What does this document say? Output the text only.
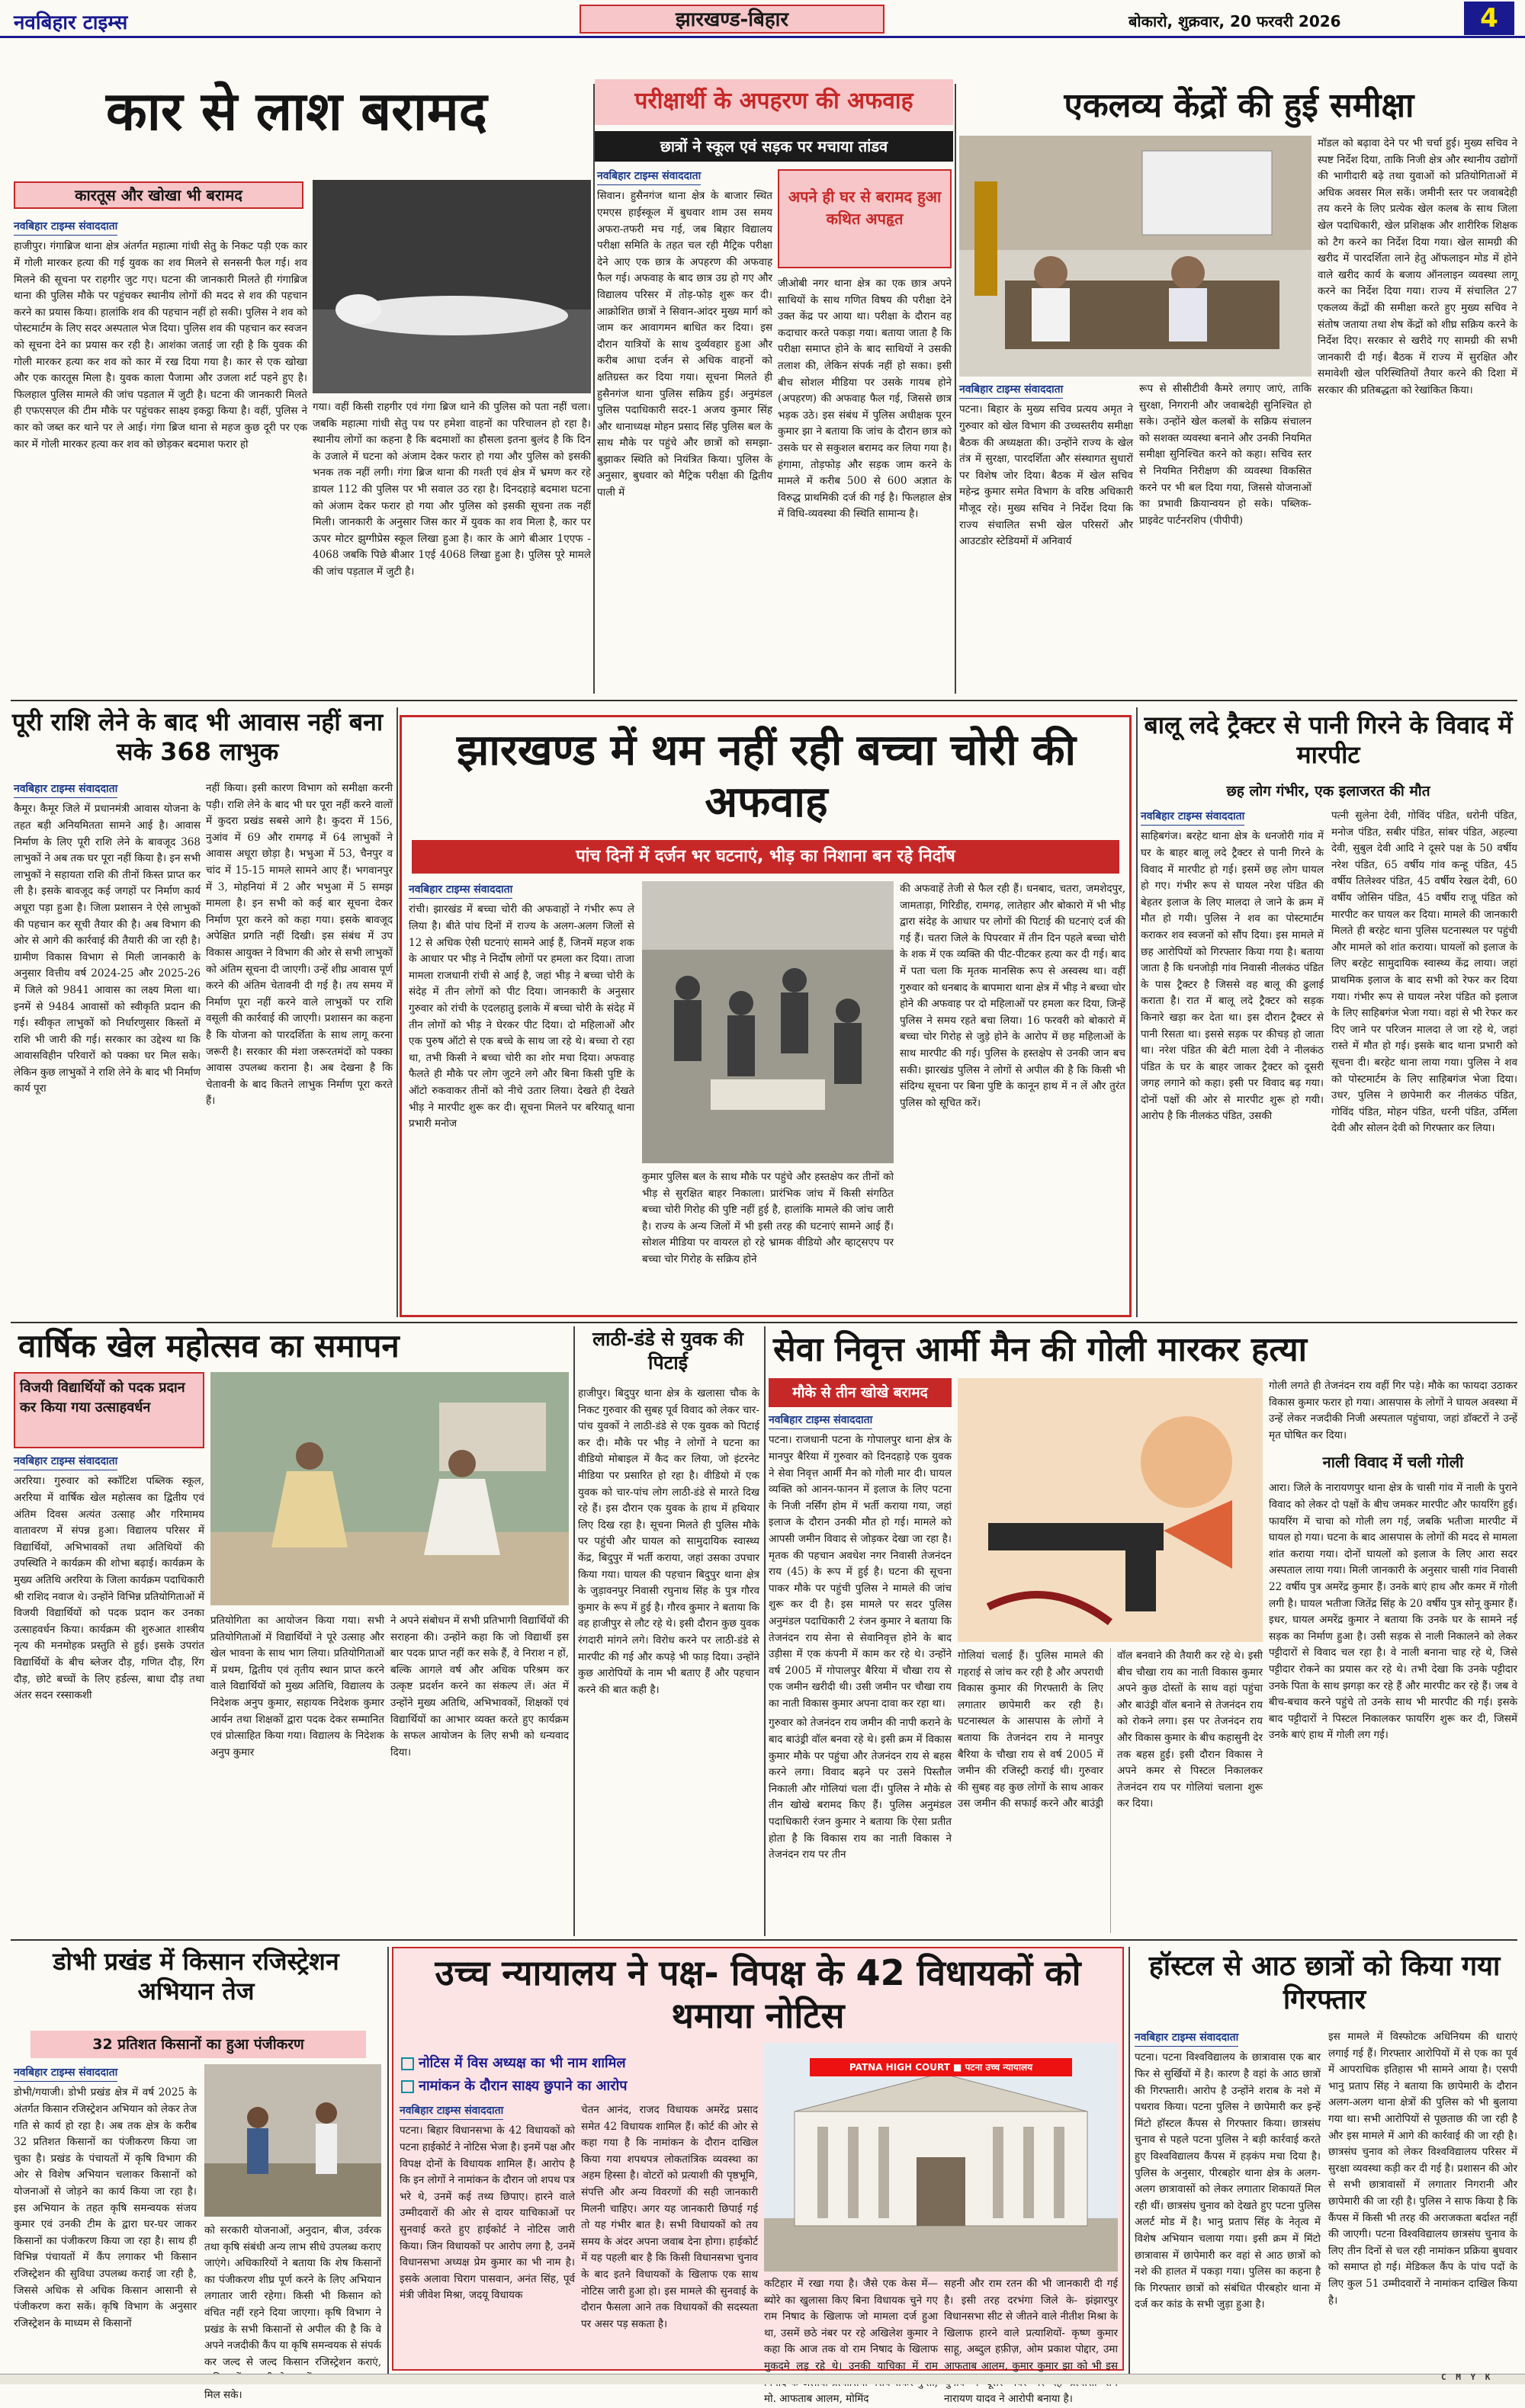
नवबिहार टाइम्स	झारखण्ड-बिहार	बोकारो, शुक्रवार, 20 फरवरी 2026	4
कार से लाश बरामद
कारतूस और खोखा भी बरामद
नवबिहार टाइम्स संवाददाता

हाजीपुर। गंगाब्रिज थाना क्षेत्र अंतर्गत महात्मा गांधी सेतु के निकट पड़ी एक कार में गोली मारकर हत्या की गई युवक का शव मिलने से सनसनी फैल गई। शव मिलने की सूचना पर राहगीर जुट गए। घटना की जानकारी मिलते ही गंगाब्रिज थाना की पुलिस मौके पर पहुंचकर स्थानीय लोगों की मदद से शव की पहचान करने का प्रयास किया। हालांकि शव की पहचान नहीं हो सकी। पुलिस ने शव को पोस्टमार्टम के लिए सदर अस्पताल भेज दिया। पुलिस शव की पहचान कर स्वजन को सूचना देने का प्रयास कर रही है। आशंका जताई जा रही है कि युवक की गोली मारकर हत्या कर शव को कार में रख दिया गया है। कार से एक खोखा और एक कारतूस मिला है। युवक काला पैजामा और उजला शर्ट पहने हुए है। फिलहाल पुलिस मामले की जांच पड़ताल में जुटी है। घटना की जानकारी मिलते ही एफएसएल की टीम मौके पर पहुंचकर साक्ष्य इकट्ठा किया है। वहीं, पुलिस ने कार को जब्त कर थाने पर ले आई। गंगा ब्रिज थाना से महज कुछ दूरी पर एक कार में गोली मारकर हत्या कर शव को छोड़कर बदमाश फरार हो

गया। वहीं किसी राहगीर एवं गंगा ब्रिज थाने की पुलिस को पता नहीं चला। जबकि महात्मा गांधी सेतु पथ पर हमेशा वाहनों का परिचालन हो रहा है। स्थानीय लोगों का कहना है कि बदमाशों का हौसला इतना बुलंद है कि दिन के उजाले में घटना को अंजाम देकर फरार हो गया और पुलिस को इसकी भनक तक नहीं लगी। गंगा ब्रिज थाना की गश्ती एवं क्षेत्र में भ्रमण कर रहे डायल 112 की पुलिस पर भी सवाल उठ रहा है। दिनदहाड़े बदमाश घटना को अंजाम देकर फरार हो गया और पुलिस को इसकी सूचना तक नहीं मिली। जानकारी के अनुसार जिस कार में युवक का शव मिला है, कार पर ऊपर मोटर झुग्गीप्रेस स्कूल लिखा हुआ है। कार के आगे बीआर 1एएफ - 4068 जबकि पिछे बीआर 1एई 4068 लिखा हुआ है। पुलिस पूरे मामले की जांच पड़ताल में जुटी है।

परीक्षार्थी के अपहरण की अफवाह
छात्रों ने स्कूल एवं सड़क पर मचाया तांडव
नवबिहार टाइम्स संवाददाता

सिवान। हुसैनगंज थाना क्षेत्र के बाजार स्थित एमएस हाईस्कूल में बुधवार शाम उस समय अफरा-तफरी मच गई, जब बिहार विद्यालय परीक्षा समिति के तहत चल रही मैट्रिक परीक्षा देने आए एक छात्र के अपहरण की अफवाह फैल गई। अफवाह के बाद छात्र उग्र हो गए और विद्यालय परिसर में तोड़-फोड़ शुरू कर दी। आक्रोशित छात्रों ने सिवान-आंदर मुख्य मार्ग को जाम कर आवागमन बाधित कर दिया। इस दौरान यात्रियों के साथ दुर्व्यवहार हुआ और करीब आधा दर्जन से अधिक वाहनों को क्षतिग्रस्त कर दिया गया। सूचना मिलते ही हुसैनगंज थाना पुलिस सक्रिय हुई। अनुमंडल पुलिस पदाधिकारी सदर-1 अजय कुमार सिंह और थानाध्यक्ष मोहन प्रसाद सिंह पुलिस बल के साथ मौके पर पहुंचे और छात्रों को समझा-बुझाकर स्थिति को नियंत्रित किया। पुलिस के अनुसार, बुधवार को मैट्रिक परीक्षा की द्वितीय पाली में

अपने ही घर से बरामद हुआ कथित अपहृत

जीओबी नगर थाना क्षेत्र का एक छात्र अपने साथियों के साथ गणित विषय की परीक्षा देने उक्त केंद्र पर आया था। परीक्षा के दौरान वह कदाचार करते पकड़ा गया। बताया जाता है कि परीक्षा समाप्त होने के बाद साथियों ने उसकी तलाश की, लेकिन संपर्क नहीं हो सका। इसी बीच सोशल मीडिया पर उसके गायब होने (अपहरण) की अफवाह फैल गई, जिससे छात्र भड़क उठे। इस संबंध में पुलिस अधीक्षक पूरन कुमार झा ने बताया कि जांच के दौरान छात्र को उसके घर से सकुशल बरामद कर लिया गया है। हंगामा, तोड़फोड़ और सड़क जाम करने के मामले में करीब 500 से 600 अज्ञात के विरुद्ध प्राथमिकी दर्ज की गई है। फिलहाल क्षेत्र में विधि-व्यवस्था की स्थिति सामान्य है।

एकलव्य केंद्रों की हुई समीक्षा
नवबिहार टाइम्स संवाददाता

पटना। बिहार के मुख्य सचिव प्रत्यय अमृत ने गुरुवार को खेल विभाग की उच्चस्तरीय समीक्षा बैठक की अध्यक्षता की। उन्होंने राज्य के खेल तंत्र में सुरक्षा, पारदर्शिता और संस्थागत सुधारों पर विशेष जोर दिया। बैठक में खेल सचिव महेन्द्र कुमार समेत विभाग के वरिष्ठ अधिकारी मौजूद रहे। मुख्य सचिव ने निर्देश दिया कि राज्य संचालित सभी खेल परिसरों और आउटडोर स्टेडियमों में अनिवार्य

रूप से सीसीटीवी कैमरे लगाए जाएं, ताकि सुरक्षा, निगरानी और जवाबदेही सुनिश्चित हो सके। उन्होंने खेल कलबों के सक्रिय संचालन को सशक्त व्यवस्था बनाने और उनकी नियमित समीक्षा सुनिश्चित करने को कहा। सचिव स्तर से नियमित निरीक्षण की व्यवस्था विकसित करने पर भी बल दिया गया, जिससे योजनाओं का प्रभावी क्रियान्वयन हो सके। पब्लिक-प्राइवेट पार्टनरशिप (पीपीपी)

मॉडल को बढ़ावा देने पर भी चर्चा हुई। मुख्य सचिव ने स्पष्ट निर्देश दिया, ताकि निजी क्षेत्र और स्थानीय उद्योगों की भागीदारी बढ़े तथा युवाओं को प्रतियोगिताओं में अधिक अवसर मिल सकें। जमीनी स्तर पर जवाबदेही तय करने के लिए प्रत्येक खेल कलब के साथ जिला खेल पदाधिकारी, खेल प्रशिक्षक और शारीरिक शिक्षक को टैग करने का निर्देश दिया गया। खेल सामग्री की खरीद में पारदर्शिता लाने हेतु ऑफलाइन मोड में होने वाले खरीद कार्य के बजाय ऑनलाइन व्यवस्था लागू करने का निर्देश दिया गया। राज्य में संचालित 27 एकलव्य केंद्रों की समीक्षा करते हुए मुख्य सचिव ने संतोष जताया तथा शेष केंद्रों को शीघ्र सक्रिय करने के निर्देश दिए। सरकार से खरीदे गए सामग्री की सभी जानकारी दी गई। बैठक में राज्य में सुरक्षित और समावेशी खेल परिस्थितियों तैयार करने की दिशा में सरकार की प्रतिबद्धता को रेखांकित किया।

पूरी राशि लेने के बाद भी आवास नहीं बना सके 368 लाभुक
नवबिहार टाइम्स संवाददाता

कैमूर। कैमूर जिले में प्रधानमंत्री आवास योजना के तहत बड़ी अनियमितता सामने आई है। आवास निर्माण के लिए पूरी राशि लेने के बावजूद 368 लाभुकों ने अब तक घर पूरा नहीं किया है। इन सभी लाभुकों ने सहायता राशि की तीनों किस्त प्राप्त कर ली है। इसके बावजूद कई जगहों पर निर्माण कार्य अधूरा पड़ा हुआ है। जिला प्रशासन ने ऐसे लाभुकों की पहचान कर सूची तैयार की है। अब विभाग की ओर से आगे की कार्रवाई की तैयारी की जा रही है। ग्रामीण विकास विभाग से मिली जानकारी के अनुसार वित्तीय वर्ष 2024-25 और 2025-26 में जिले को 9841 आवास का लक्ष्य मिला था। इनमें से 9484 आवासों को स्वीकृति प्रदान की गई। स्वीकृत लाभुकों को निर्धारणुसार किस्तों में राशि भी जारी की गई। सरकार का उद्देश्य था कि आवासविहीन परिवारों को पक्का घर मिल सके। लेकिन कुछ लाभुकों ने राशि लेने के बाद भी निर्माण कार्य पूरा

नहीं किया। इसी कारण विभाग को समीक्षा करनी पड़ी। राशि लेने के बाद भी घर पूरा नहीं करने वालों में कुदरा प्रखंड सबसे आगे है। कुदरा में 156, नुआंव में 69 और रामगढ़ में 64 लाभुकों ने आवास अधूरा छोड़ा है। भभुआ में 53, चैनपुर व चांद में 15-15 मामले सामने आए हैं। भगवानपुर में 3, मोहनियां में 2 और भभुआ में 5 समझ मामला है। इन सभी को कई बार सूचना देकर निर्माण पूरा करने को कहा गया। इसके बावजूद अपेक्षित प्रगति नहीं दिखी। इस संबंध में उप विकास आयुक्त ने विभाग की ओर से सभी लाभुकों को अंतिम सूचना दी जाएगी। उन्हें शीघ्र आवास पूर्ण करने की अंतिम चेतावनी दी गई है। तय समय में निर्माण पूरा नहीं करने वाले लाभुकों पर राशि वसूली की कार्रवाई की जाएगी। प्रशासन का कहना है कि योजना को पारदर्शिता के साथ लागू करना जरूरी है। सरकार की मंशा जरूरतमंदों को पक्का आवास उपलब्ध कराना है। अब देखना है कि चेतावनी के बाद कितने लाभुक निर्माण पूरा करते हैं।

झारखण्ड में थम नहीं रही बच्चा चोरी की अफवाह
पांच दिनों में दर्जन भर घटनाएं, भीड़ का निशाना बन रहे निर्दोष
नवबिहार टाइम्स संवाददाता

रांची। झारखंड में बच्चा चोरी की अफवाहों ने गंभीर रूप ले लिया है। बीते पांच दिनों में राज्य के अलग-अलग जिलों से 12 से अधिक ऐसी घटनाएं सामने आई हैं, जिनमें महज शक के आधार पर भीड़ ने निर्दोष लोगों पर हमला कर दिया। ताजा मामला राजधानी रांची से आई है, जहां भीड़ ने बच्चा चोरी के संदेह में तीन लोगों को पीट दिया। जानकारी के अनुसार गुरुवार को रांची के एदलहातु इलाके में बच्चा चोरी के संदेह में तीन लोगों को भीड़ ने घेरकर पीट दिया। दो महिलाओं और एक पुरुष ऑटो से एक बच्चे के साथ जा रहे थे। बच्चा रो रहा था, तभी किसी ने बच्चा चोरी का शोर मचा दिया। अफवाह फैलते ही मौके पर लोग जुटने लगे और बिना किसी पुष्टि के ऑटो रुकवाकर तीनों को नीचे उतार लिया। देखते ही देखते भीड़ ने मारपीट शुरू कर दी। सूचना मिलने पर बरियातू थाना प्रभारी मनोज

कुमार पुलिस बल के साथ मौके पर पहुंचे और हस्तक्षेप कर तीनों को भीड़ से सुरक्षित बाहर निकाला। प्रारंभिक जांच में किसी संगठित बच्चा चोरी गिरोह की पुष्टि नहीं हुई है, हालांकि मामले की जांच जारी है। राज्य के अन्य जिलों में भी इसी तरह की घटनाएं सामने आई हैं। सोशल मीडिया पर वायरल हो रहे भ्रामक वीडियो और व्हाट्सएप पर बच्चा चोर गिरोह के सक्रिय होने

की अफवाहें तेजी से फैल रही हैं। धनबाद, चतरा, जमशेदपुर, जामताड़ा, गिरिडीह, रामगढ़, लातेहार और बोकारो में भी भीड़ द्वारा संदेह के आधार पर लोगों की पिटाई की घटनाएं दर्ज की गई हैं। चतरा जिले के पिपरवार में तीन दिन पहले बच्चा चोरी के शक में एक व्यक्ति की पीट-पीटकर हत्या कर दी गई। बाद में पता चला कि मृतक मानसिक रूप से अस्वस्थ था। वहीं गुरुवार को धनबाद के बापमारा थाना क्षेत्र में भीड़ ने बच्चा चोर होने की अफवाह पर दो महिलाओं पर हमला कर दिया, जिन्हें पुलिस ने समय रहते बचा लिया। 16 फरवरी को बोकारो में बच्चा चोर गिरोह से जुड़े होने के आरोप में छह महिलाओं के साथ मारपीट की गई। पुलिस के हस्तक्षेप से उनकी जान बच सकी। झारखंड पुलिस ने लोगों से अपील की है कि किसी भी संदिग्ध सूचना पर बिना पुष्टि के कानून हाथ में न लें और तुरंत पुलिस को सूचित करें।

बालू लदे ट्रैक्टर से पानी गिरने के विवाद में मारपीट
छह लोग गंभीर, एक इलाजरत की मौत
नवबिहार टाइम्स संवाददाता

साहिबगंज। बरहेट थाना क्षेत्र के धनजोरी गांव में घर के बाहर बालू लदे ट्रैक्टर से पानी गिरने के विवाद में मारपीट हो गई। इसमें छह लोग घायल हो गए। गंभीर रूप से घायल नरेश पंडित की बेहतर इलाज के लिए मालदा ले जाने के क्रम में मौत हो गयी। पुलिस ने शव का पोस्टमार्टम कराकर शव स्वजनों को सौंप दिया। इस मामले में छह आरोपियों को गिरफ्तार किया गया है। बताया जाता है कि धनजोड़ी गांव निवासी नीलकंठ पंडित के पास ट्रैक्टर है जिससे वह बालू की ढुलाई कराता है। रात में बालू लदे ट्रैक्टर को सड़क किनारे खड़ा कर देता था। इस दौरान ट्रैक्टर से पानी रिसता था। इससे सड़क पर कीचड़ हो जाता था। नरेश पंडित की बेटी माला देवी ने नीलकंठ पंडित के घर के बाहर जाकर ट्रैक्टर को दूसरी जगह लगाने को कहा। इसी पर विवाद बढ़ गया। दोनों पक्षों की ओर से मारपीट शुरू हो गयी। आरोप है कि नीलकंठ पंडित, उसकी

पत्नी सुलेना देवी, गोविंद पंडित, धरोनी पंडित, मनोज पंडित, सबीर पंडित, सांबर पंडित, अहल्या देवी, सुबुल देवी आदि ने दूसरे पक्ष के 50 वर्षीय नरेश पंडित, 65 वर्षीय गांव कन्हू पंडित, 45 वर्षीय तिलेश्वर पंडित, 45 वर्षीय रेखल देवी, 60 वर्षीय जोसिन पंडित, 45 वर्षीय राजू पंडित को मारपीट कर घायल कर दिया। मामले की जानकारी मिलते ही बरहेट थाना पुलिस घटनास्थल पर पहुंची और मामले को शांत कराया। घायलों को इलाज के लिए बरहेट सामुदायिक स्वास्थ्य केंद्र लाया। जहां प्राथमिक इलाज के बाद सभी को रेफर कर दिया गया। गंभीर रूप से घायल नरेश पंडित को इलाज के लिए साहिबगंज भेजा गया। वहां से भी रेफर कर दिए जाने पर परिजन मालदा ले जा रहे थे, जहां रास्ते में मौत हो गई। इसके बाद थाना प्रभारी को सूचना दी। बरहेट थाना लाया गया। पुलिस ने शव को पोस्टमार्टम के लिए साहिबगंज भेजा दिया। उधर, पुलिस ने छापेमारी कर नीलकंठ पंडित, गोविंद पंडित, मोहन पंडित, धरनी पंडित, उर्मिला देवी और सोलन देवी को गिरफ्तार कर लिया।

वार्षिक खेल महोत्सव का समापन
विजयी विद्यार्थियों को पदक प्रदान कर किया गया उत्साहवर्धन
नवबिहार टाइम्स संवाददाता

अररिया। गुरुवार को स्कॉटिश पब्लिक स्कूल, अररिया में वार्षिक खेल महोत्सव का द्वितीय एवं अंतिम दिवस अत्यंत उत्साह और गरिमामय वातावरण में संपन्न हुआ। विद्यालय परिसर में विद्यार्थियों, अभिभावकों तथा अतिथियों की उपस्थिति ने कार्यक्रम की शोभा बढ़ाई। कार्यक्रम के मुख्य अतिथि अररिया के जिला कार्यक्रम पदाधिकारी श्री राशिद नवाज थे। उन्होंने विभिन्न प्रतियोगिताओं में विजयी विद्यार्थियों को पदक प्रदान कर उनका उत्साहवर्धन किया। कार्यक्रम की शुरुआत शास्त्रीय नृत्य की मनमोहक प्रस्तुति से हुई। इसके उपरांत विद्यार्थियों के बीच ब्लेजर दौड़, गणित दौड़, रिंग दौड़, छोटे बच्चों के लिए हर्डल्स, बाधा दौड़ तथा अंतर सदन रस्साकशी

प्रतियोगिता का आयोजन किया गया। सभी प्रतियोगिताओं में विद्यार्थियों ने पूरे उत्साह और खेल भावना के साथ भाग लिया। प्रतियोगिताओं में प्रथम, द्वितीय एवं तृतीय स्थान प्राप्त करने वाले विद्यार्थियों को मुख्य अतिथि, विद्यालय के निदेशक अनुप कुमार, सहायक निदेशक कुमार आर्यन तथा शिक्षकों द्वारा पदक देकर सम्मानित एवं प्रोत्साहित किया गया। विद्यालय के निदेशक अनुप कुमार

ने अपने संबोधन में सभी प्रतिभागी विद्यार्थियों की सराहना की। उन्होंने कहा कि जो विद्यार्थी इस बार पदक प्राप्त नहीं कर सके हैं, वे निराश न हों, बल्कि आगले वर्ष और अधिक परिश्रम कर उत्कृष्ट प्रदर्शन करने का संकल्प लें। अंत में उन्होंने मुख्य अतिथि, अभिभावकों, शिक्षकों एवं विद्यार्थियों का आभार व्यक्त करते हुए कार्यक्रम के सफल आयोजन के लिए सभी को धन्यवाद दिया।

लाठी-डंडे से युवक की पिटाई

हाजीपुर। बिदुपुर थाना क्षेत्र के खलासा चौक के निकट गुरुवार की सुबह पूर्व विवाद को लेकर चार-पांच युवकों ने लाठी-डंडे से एक युवक को पिटाई कर दी। मौके पर भीड़ ने लोगों ने घटना का वीडियो मोबाइल में कैद कर लिया, जो इंटरनेट मीडिया पर प्रसारित हो रहा है। वीडियो में एक युवक को चार-पांच लोग लाठी-डंडे से मारते दिख रहे हैं। इस दौरान एक युवक के हाथ में हथियार लिए दिख रहा है। सूचना मिलते ही पुलिस मौके पर पहुंची और घायल को सामुदायिक स्वास्थ्य केंद्र, बिदुपुर में भर्ती कराया, जहां उसका उपचार किया गया। घायल की पहचान बिदुपुर थाना क्षेत्र के जुड़ावनपुर निवासी रघुनाथ सिंह के पुत्र गौरव कुमार के रूप में हुई है। गौरव कुमार ने बताया कि वह हाजीपुर से लौट रहे थे। इसी दौरान कुछ युवक रंगदारी मांगने लगे। विरोध करने पर लाठी-डंडे से मारपीट की गई और कपड़े भी फाड़ दिया। उन्होंने कुछ आरोपियों के नाम भी बताए हैं और पहचान करने की बात कही है।

सेवा निवृत्त आर्मी मैन की गोली मारकर हत्या
मौके से तीन खोखे बरामद
नवबिहार टाइम्स संवाददाता

पटना। राजधानी पटना के गोपालपुर थाना क्षेत्र के मानपुर बैरिया में गुरुवार को दिनदहाड़े एक युवक ने सेवा निवृत्त आर्मी मैन को गोली मार दी। घायल व्यक्ति को आनन-फानन में इलाज के लिए पटना के निजी नर्सिंग होम में भर्ती कराया गया, जहां इलाज के दौरान उनकी मौत हो गई। मामले को आपसी जमीन विवाद से जोड़कर देखा जा रहा है। मृतक की पहचान अवधेश नगर निवासी तेजनंदन राय (45) के रूप में हुई है। घटना की सूचना पाकर मौके पर पहुंची पुलिस ने मामले की जांच शुरू कर दी है। इस मामले पर सदर पुलिस अनुमंडल पदाधिकारी 2 रंजन कुमार ने बताया कि तेजनंदन राय सेना से सेवानिवृत्त होने के बाद उड़ीसा में एक कंपनी में काम कर रहे थे। उन्होंने वर्ष 2005 में गोपालपुर बैरिया में चौखा राय से एक जमीन खरीदी थी। उसी जमीन पर चौखा राय का नाती विकास कुमार अपना दावा कर रहा था।

गुरुवार को तेजनंदन राय जमीन की नापी कराने के बाद बाउंड्री वॉल बनवा रहे थे। इसी क्रम में विकास कुमार मौके पर पहुंचा और तेजनंदन राय से बहस करने लगा। विवाद बढ़ने पर उसने पिस्तौल निकाली और गोलियां चला दीं। पुलिस ने मौके से तीन खोखे बरामद किए हैं। पुलिस अनुमंडल पदाधिकारी रंजन कुमार ने बताया कि ऐसा प्रतीत होता है कि विकास राय का नाती विकास ने तेजनंदन राय पर तीन

गोलियां चलाई हैं। पुलिस मामले की गहराई से जांच कर रही है और अपराधी विकास कुमार की गिरफ्तारी के लिए लगातार छापेमारी कर रही है। घटनास्थल के आसपास के लोगों ने बताया कि तेजनंदन राय ने मानपुर बैरिया के चौखा राय से वर्ष 2005 में जमीन की रजिस्ट्री कराई थी। गुरुवार की सुबह वह कुछ लोगों के साथ आकर उस जमीन की सफाई करने और बाउंड्री वॉल बनवाने की तैयारी कर रहे थे। इसी बीच चौखा राय का नाती विकास कुमार अपने कुछ दोस्तों के साथ वहां पहुंचा और बाउंड्री वॉल बनाने से तेजनंदन राय को रोकने लगा। इस पर तेजनंदन राय और विकास कुमार के बीच कहासुनी देर तक बहस हुई। इसी दौरान विकास ने अपने कमर से पिस्टल निकालकर तेजनंदन राय पर गोलियां चलाना शुरू कर दिया।

गोली लगते ही तेजनंदन राय वहीं गिर पड़े। मौके का फायदा उठाकर विकास कुमार फरार हो गया। आसपास के लोगों ने घायल अवस्था में उन्हें लेकर नजदीकी निजी अस्पताल पहुंचाया, जहां डॉक्टरों ने उन्हें मृत घोषित कर दिया।

नाली विवाद में चली गोली

आरा। जिले के नारायणपुर थाना क्षेत्र के चासी गांव में नाली के पुराने विवाद को लेकर दो पक्षों के बीच जमकर मारपीट और फायरिंग हुई। फायरिंग में चाचा को गोली लग गई, जबकि भतीजा मारपीट में घायल हो गया। घटना के बाद आसपास के लोगों की मदद से मामला शांत कराया गया। दोनों घायलों को इलाज के लिए आरा सदर अस्पताल लाया गया। मिली जानकारी के अनुसार चासी गांव निवासी 22 वर्षीय पुत्र अमरेंद्र कुमार हैं। उनके बाएं हाथ और कमर में गोली लगी है। घायल भतीजा जितेंद्र सिंह के 20 वर्षीय पुत्र सोनू कुमार हैं। इधर, घायल अमरेंद्र कुमार ने बताया कि उनके घर के सामने नई सड़क का निर्माण हुआ है। उसी सड़क से नाली निकालने को लेकर पट्टीदारों से विवाद चल रहा है। वे नाली बनाना चाह रहे थे, जिसे पट्टीदार रोकने का प्रयास कर रहे थे। तभी देखा कि उनके पट्टीदार उनके पिता के साथ झगड़ा कर रहे हैं और मारपीट कर रहे हैं। जब वे बीच-बचाव करने पहुंचे तो उनके साथ भी मारपीट की गई। इसके बाद पट्टीदारों ने पिस्टल निकालकर फायरिंग शुरू कर दी, जिसमें उनके बाएं हाथ में गोली लग गई।

डोभी प्रखंड में किसान रजिस्ट्रेशन अभियान तेज
32 प्रतिशत किसानों का हुआ पंजीकरण
नवबिहार टाइम्स संवाददाता

डोभी/गयाजी। डोभी प्रखंड क्षेत्र में वर्ष 2025 के अंतर्गत किसान रजिस्ट्रेशन अभियान को लेकर तेज गति से कार्य हो रहा है। अब तक क्षेत्र के करीब 32 प्रतिशत किसानों का पंजीकरण किया जा चुका है। प्रखंड के पंचायतों में कृषि विभाग की ओर से विशेष अभियान चलाकर किसानों को योजनाओं से जोड़ने का कार्य किया जा रहा है। इस अभियान के तहत कृषि समन्वयक संजय कुमार एवं उनकी टीम के द्वारा घर-घर जाकर किसानों का पंजीकरण किया जा रहा है। साथ ही विभिन्न पंचायतों में कैंप लगाकर भी किसान रजिस्ट्रेशन की सुविधा उपलब्ध कराई जा रही है, जिससे अधिक से अधिक किसान आसानी से पंजीकरण करा सकें। कृषि विभाग के अनुसार रजिस्ट्रेशन के माध्यम से किसानों

को सरकारी योजनाओं, अनुदान, बीज, उर्वरक तथा कृषि संबंधी अन्य लाभ सीधे उपलब्ध कराए जाएंगे। अधिकारियों ने बताया कि शेष किसानों का पंजीकरण शीघ्र पूर्ण करने के लिए अभियान लगातार जारी रहेगा। किसी भी किसान को वंचित नहीं रहने दिया जाएगा। कृषि विभाग ने प्रखंड के सभी किसानों से अपील की है कि वे अपने नजदीकी कैंप या कृषि समन्वयक से संपर्क कर जल्द से जल्द किसान रजिस्ट्रेशन कराएं, मिल सके।

उच्च न्यायालय ने पक्ष- विपक्ष के 42 विधायकों को थमाया नोटिस
नोटिस में विस अध्यक्ष का भी नाम शामिल
नामांकन के दौरान साक्ष्य छुपाने का आरोप
नवबिहार टाइम्स संवाददाता

पटना। बिहार विधानसभा के 42 विधायकों को पटना हाईकोर्ट ने नोटिस भेजा है। इनमें पक्ष और विपक्ष दोनों के विधायक शामिल हैं। आरोप है कि इन लोगों ने नामांकन के दौरान जो शपथ पत्र भरे थे, उनमें कई तथ्य छिपाए। हारने वाले उम्मीदवारों की ओर से दायर याचिकाओं पर सुनवाई करते हुए हाईकोर्ट ने नोटिस जारी किया। जिन विधायकों पर आरोप लगा है, उनमें विधानसभा अध्यक्ष प्रेम कुमार का भी नाम है। इसके अलावा चिराग पासवान, अनंत सिंह, पूर्व मंत्री जीवेश मिश्रा, जदयू विधायक

चेतन आनंद, राजद विधायक अमरेंद्र प्रसाद समेत 42 विधायक शामिल हैं। कोर्ट की ओर से कहा गया है कि नामांकन के दौरान दाखिल किया गया शपथपत्र लोकतांत्रिक व्यवस्था का अहम हिस्सा है। वोटरों को प्रत्याशी की पृष्ठभूमि, संपत्ति और अन्य विवरणों की सही जानकारी मिलनी चाहिए। अगर यह जानकारी छिपाई गई तो यह गंभीर बात है। सभी विधायकों को तय समय के अंदर अपना जवाब देना होगा। हाईकोर्ट में यह पहली बार है कि किसी विधानसभा चुनाव के बाद इतने विधायकों के खिलाफ एक साथ नोटिस जारी हुआ हो। इस मामले की सुनवाई के दौरान फैसला आने तक विधायकों की सदस्यता पर असर पड़ सकता है।

PATNA HIGH COURT ■ पटना उच्च न्यायालय

कटिहार में रखा गया है। जैसे एक केस में— ब्योरे का खुलासा किए बिना विधायक चुने गए राम निषाद के खिलाफ जो मामला दर्ज हुआ था, उसमें छठे नंबर पर रहे अखिलेश कुमार ने कहा कि आज तक वो राम निषाद के खिलाफ मुकदमे लड़ रहे थे। उनकी याचिका में राम मो. आफताब आलम, मोमिंद

सहनी और राम रतन की भी जानकारी दी गई है। इसी तरह दरभंगा जिले के- झंझारपुर विधानसभा सीट से जीतने वाले नीतीश मिश्रा के खिलाफ हारने वाले प्रत्याशियों- कृष्ण कुमार साहू, अब्दुल हफ़ीज़, ओम प्रकाश पोद्दार, उमा आफताब आलम, कुमार कुमार झा को भी इस नारायण यादव ने आरोपी बनाया है।

हॉस्टल से आठ छात्रों को किया गया गिरफ्तार
नवबिहार टाइम्स संवाददाता

पटना। पटना विश्वविद्यालय के छात्रावास एक बार फिर से सुर्खियों में है। कारण है वहां के आठ छात्रों की गिरफ्तारी। आरोप है उन्होंने शराब के नशे में पथराव किया। पटना पुलिस ने छापेमारी कर इन्हें मिंटो हॉस्टल कैंपस से गिरफ्तार किया। छात्रसंघ चुनाव से पहले पटना पुलिस ने बड़ी कार्रवाई करते हुए विश्वविद्यालय कैंपस में हड़कंप मचा दिया है। पुलिस के अनुसार, पीरबहोर थाना क्षेत्र के अलग-अलग छात्रावासों को लेकर लगातार शिकायतें मिल रही थीं। छात्रसंघ चुनाव को देखते हुए पटना पुलिस अलर्ट मोड में है। भानु प्रताप सिंह के नेतृत्व में विशेष अभियान चलाया गया। इसी क्रम में मिंटो छात्रावास में छापेमारी कर वहां से आठ छात्रों को नशे की हालत में पकड़ा गया। पुलिस का कहना है कि गिरफ्तार छात्रों को संबंधित पीरबहोर थाना में दर्ज कर कांड के सभी जुड़ा हुआ है।

इस मामले में विस्फोटक अधिनियम की धाराएं लगाई गई हैं। गिरफ्तार आरोपियों में से एक का पूर्व में आपराधिक इतिहास भी सामने आया है। एसपी भानु प्रताप सिंह ने बताया कि छापेमारी के दौरान अलग-अलग थाना क्षेत्रों की पुलिस को भी बुलाया गया था। सभी आरोपियों से पूछताछ की जा रही है और इस मामले में आगे की कार्रवाई की जा रही है। छात्रसंघ चुनाव को लेकर विश्वविद्यालय परिसर में सुरक्षा व्यवस्था कड़ी कर दी गई है। प्रशासन की ओर से सभी छात्रावासों में लगातार निगरानी और छापेमारी की जा रही है। पुलिस ने साफ किया है कि कैंपस में किसी भी तरह की अराजकता बर्दाश्त नहीं की जाएगी। पटना विश्वविद्यालय छात्रसंघ चुनाव के लिए तीन दिनों से चल रही नामांकन प्रक्रिया बुधवार को समाप्त हो गई। मेडिकल कैंप के पांच पदों के लिए कुल 51 उम्मीदवारों ने नामांकन दाखिल किया है।

C M Y K
